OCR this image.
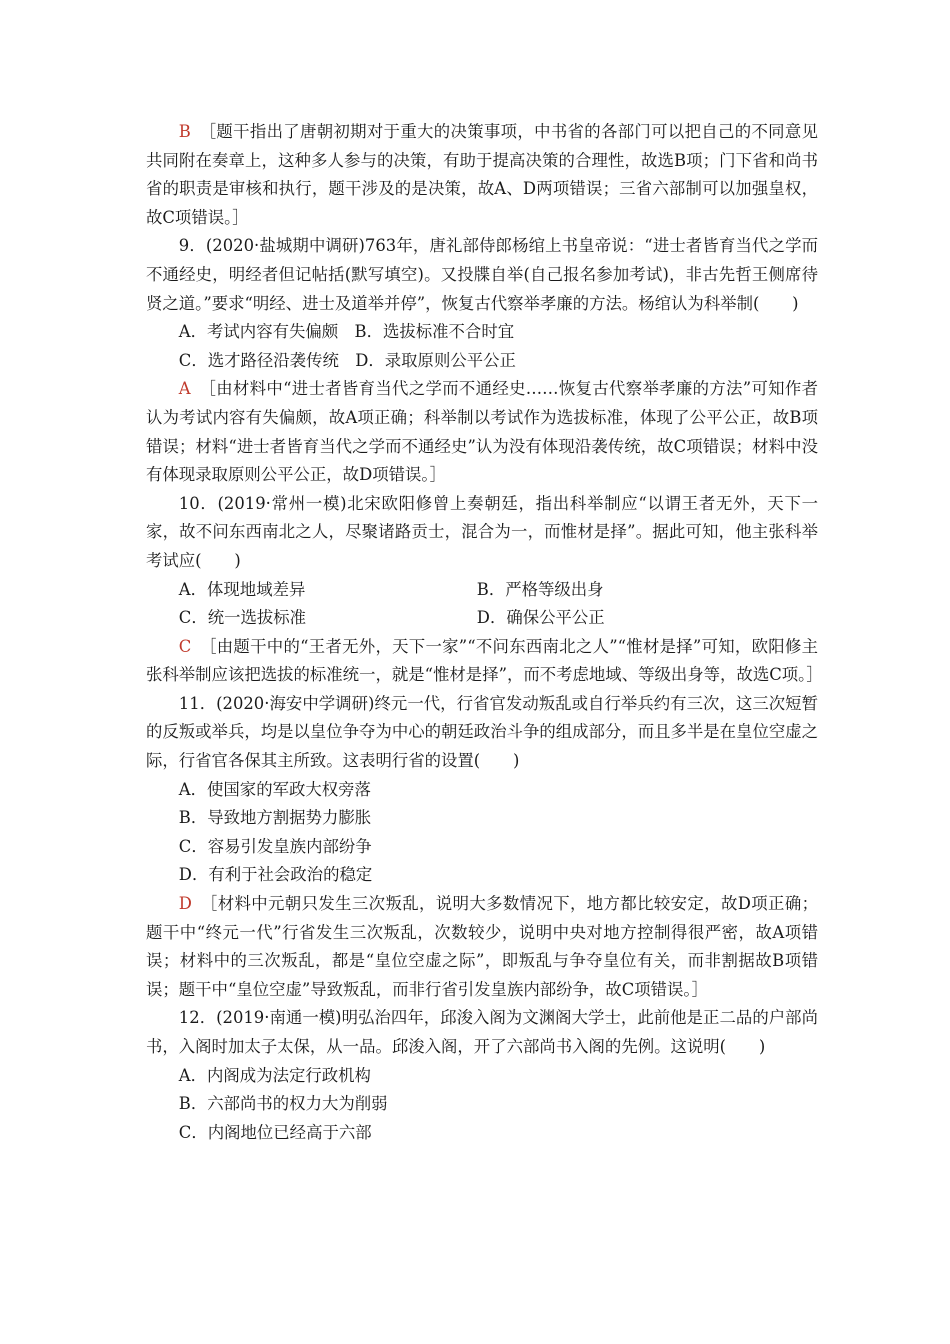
B　 ［题干指出了唐朝初期对于重大的决策事项，中书省的各部门可以把自己的不同意见共同附在奏章上，这种多人参与的决策，有助于提高决策的合理性，故选B项；门下省和尚书省的职责是审核和执行，题干涉及的是决策，故A、D两项错误；三省六部制可以加强皇权，故C项错误。］

9．(2020·盐城期中调研)763年，唐礼部侍郎杨绾上书皇帝说：“进士者皆育当代之学而不通经史，明经者但记帖括(默写填空)。又投牒自举(自己报名参加考试)，非古先哲王侧席待贤之道。”要求“明经、进士及道举并停”，恢复古代察举孝廉的方法。杨绾认为科举制(　　)

A．考试内容有失偏颇　B．选拔标准不合时宜

C．选才路径沿袭传统　D．录取原则公平公正

A　 ［由材料中“进士者皆育当代之学而不通经史……恢复古代察举孝廉的方法”可知作者认为考试内容有失偏颇，故A项正确；科举制以考试作为选拔标准，体现了公平公正，故B项错误；材料“进士者皆育当代之学而不通经史”认为没有体现沿袭传统，故C项错误；材料中没有体现录取原则公平公正，故D项错误。］

10．(2019·常州一模)北宋欧阳修曾上奏朝廷，指出科举制应“以谓王者无外，天下一家，故不问东西南北之人，尽聚诸路贡士，混合为一，而惟材是择”。据此可知，他主张科举考试应(　　)

A．体现地域差异	B．严格等级出身
C．统一选拔标准	D．确保公平公正

C　 ［由题干中的“王者无外，天下一家”“不问东西南北之人”“惟材是择”可知，欧阳修主张科举制应该把选拔的标准统一，就是“惟材是择”，而不考虑地域、等级出身等，故选C项。］

11．(2020·海安中学调研)终元一代，行省官发动叛乱或自行举兵约有三次，这三次短暂的反叛或举兵，均是以皇位争夺为中心的朝廷政治斗争的组成部分，而且多半是在皇位空虚之际，行省官各保其主所致。这表明行省的设置(　　)

A．使国家的军政大权旁落

B．导致地方割据势力膨胀

C．容易引发皇族内部纷争

D．有利于社会政治的稳定

D　 ［材料中元朝只发生三次叛乱，说明大多数情况下，地方都比较安定，故D项正确；题干中“终元一代”行省发生三次叛乱，次数较少，说明中央对地方控制得很严密，故A项错误；材料中的三次叛乱，都是“皇位空虚之际”，即叛乱与争夺皇位有关，而非割据故B项错误；题干中“皇位空虚”导致叛乱，而非行省引发皇族内部纷争，故C项错误。］

12．(2019·南通一模)明弘治四年，邱浚入阁为文渊阁大学士，此前他是正二品的户部尚书，入阁时加太子太保，从一品。邱浚入阁，开了六部尚书入阁的先例。这说明(　　)

A．内阁成为法定行政机构

B．六部尚书的权力大为削弱

C．内阁地位已经高于六部
